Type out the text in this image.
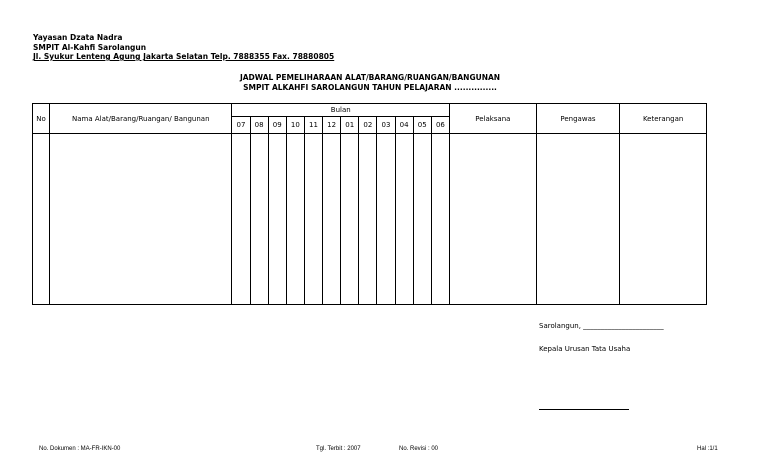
Yayasan Dzata Nadra
SMPIT Al-Kahfi Sarolangun
Jl. Syukur Lenteng Agung Jakarta Selatan Telp. 7888355 Fax. 78880805
JADWAL PEMELIHARAAN ALAT/BARANG/RUANGAN/BANGUNAN
SMPIT ALKAHFI SAROLANGUN TAHUN PELAJARAN ...............
No	Nama Alat/Barang/Ruangan/ Bangunan	Bulan												Pelaksana	Pengawas	Keterangan
		07	08	09	10	11	12	01	02	03	04	05	06			

Sarolangun, _______________________
Kepala Urusan Tata Usaha
No. Dokumen : MA-FR-IKN-00	Tgl. Terbit : 2007	No. Revisi : 00	Hal :1/1
